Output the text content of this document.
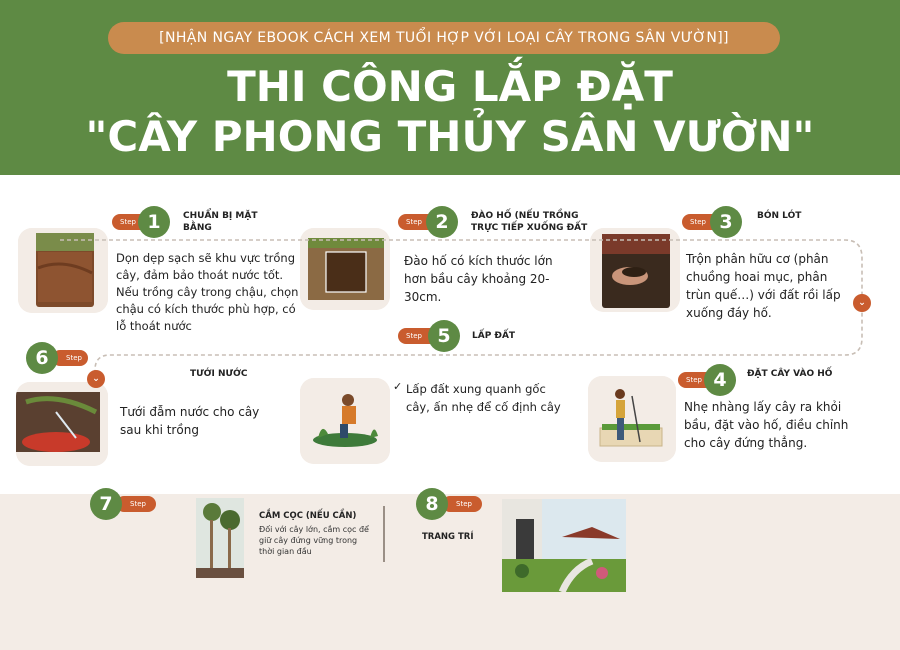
[NHẬN NGAY EBOOK CÁCH XEM TUỔI HỢP VỚI LOẠI CÂY TRONG SÂN VƯỜN]]
THI CÔNG LẮP ĐẶT
"CÂY PHONG THỦY SÂN VƯỜN"
Step 1	CHUẨN BỊ MẶT BẰNG
Dọn dẹp sạch sẽ khu vực trồng cây, đảm bảo thoát nước tốt. Nếu trồng cây trong chậu, chọn chậu có kích thước phù hợp, có lỗ thoát nước
Step 2	ĐÀO HỐ (NẾU TRỒNG TRỰC TIẾP XUỐNG ĐẤT
Đào hố có kích thước lớn hơn bầu cây khoảng 20-30cm.
Step 3	BÓN LÓT
Trộn phân hữu cơ (phân chuồng hoai mục, phân trùn quế…) với đất rồi lấp xuống đáy hố.
⌄
Step 5	LẤP ĐẤT
✓ Lấp đất xung quanh gốc cây, ấn nhẹ để cố định cây
Step 4	ĐẶT CÂY VÀO HỐ
Nhẹ nhàng lấy cây ra khỏi bầu, đặt vào hố, điều chỉnh cho cây đứng thẳng.
Step
6
⌄	TƯỚI NƯỚC
Tưới đẫm nước cho cây sau khi trồng
Step
7
CẮM CỌC (NẾU CẦN)
Đối với cây lớn, cắm cọc để giữ cây đứng vững trong thời gian đầu
Step
8
TRANG TRÍ
